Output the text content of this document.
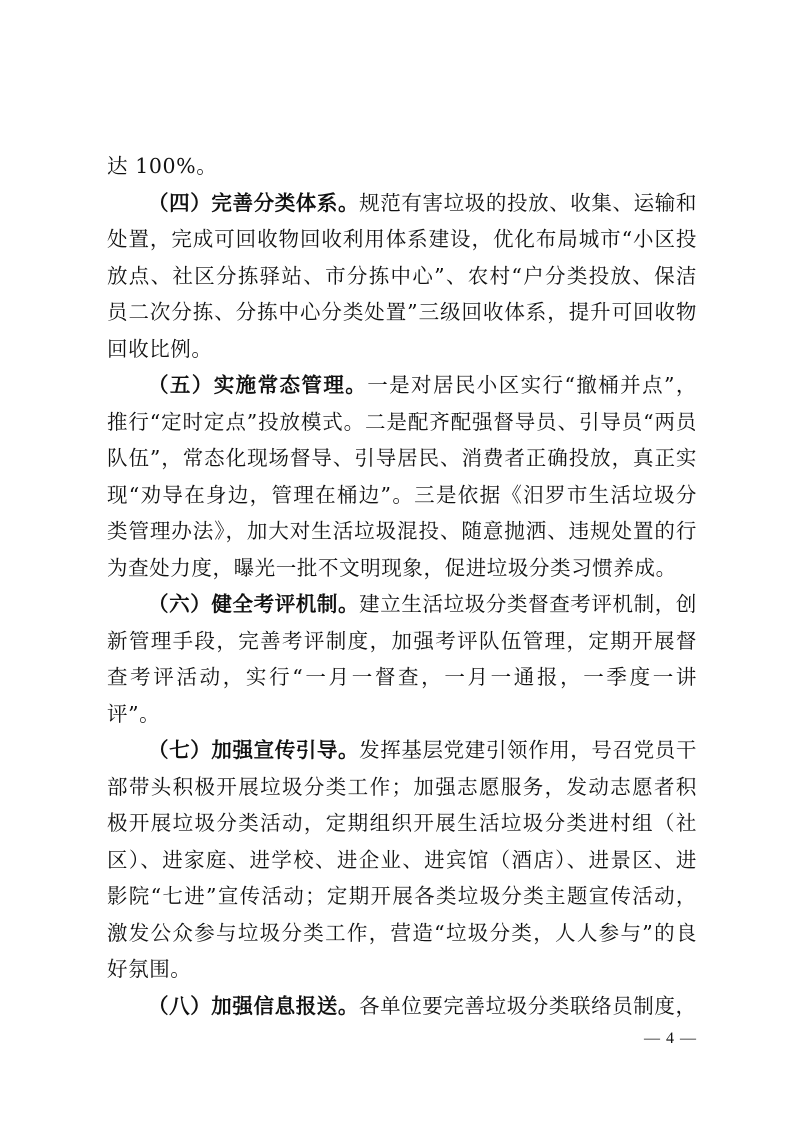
达 100%。

（四）完善分类体系。规范有害垃圾的投放、收集、运输和处置，完成可回收物回收利用体系建设，优化布局城市“小区投放点、社区分拣驿站、市分拣中心”、农村“户分类投放、保洁员二次分拣、分拣中心分类处置”三级回收体系，提升可回收物回收比例。

（五）实施常态管理。一是对居民小区实行“撤桶并点”，推行“定时定点”投放模式。二是配齐配强督导员、引导员“两员队伍”，常态化现场督导、引导居民、消费者正确投放，真正实现“劝导在身边，管理在桶边”。三是依据《汨罗市生活垃圾分类管理办法》，加大对生活垃圾混投、随意抛洒、违规处置的行为查处力度，曝光一批不文明现象，促进垃圾分类习惯养成。

（六）健全考评机制。建立生活垃圾分类督查考评机制，创新管理手段，完善考评制度，加强考评队伍管理，定期开展督查考评活动，实行“一月一督查，一月一通报，一季度一讲评”。

（七）加强宣传引导。发挥基层党建引领作用，号召党员干部带头积极开展垃圾分类工作；加强志愿服务，发动志愿者积极开展垃圾分类活动，定期组织开展生活垃圾分类进村组（社区）、进家庭、进学校、进企业、进宾馆（酒店）、进景区、进影院“七进”宣传活动；定期开展各类垃圾分类主题宣传活动，激发公众参与垃圾分类工作，营造“垃圾分类，人人参与”的良好氛围。

（八）加强信息报送。各单位要完善垃圾分类联络员制度，

— 4 —
